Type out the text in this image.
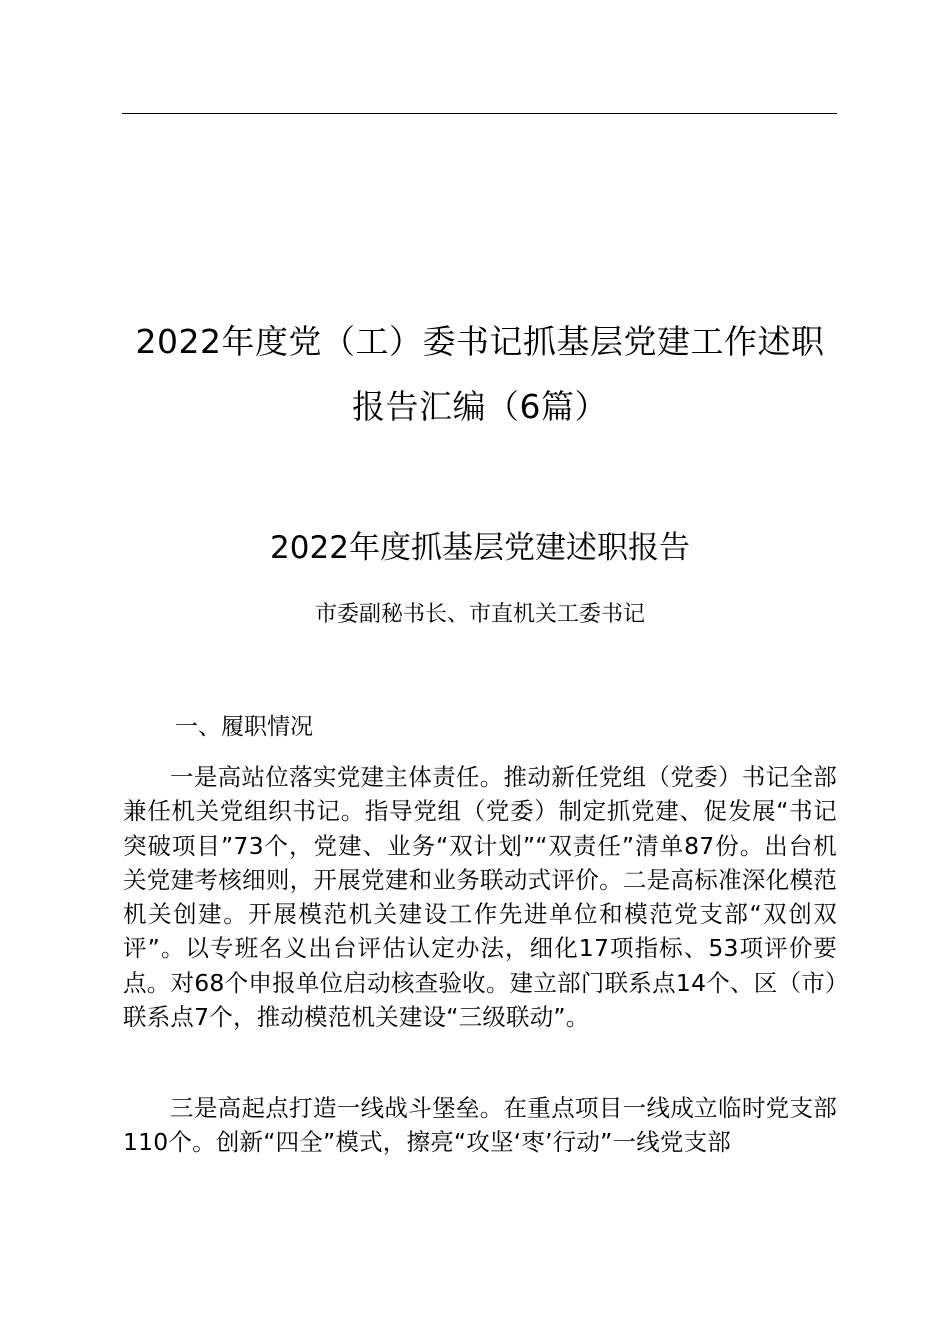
2022年度党（工）委书记抓基层党建工作述职
报告汇编（6篇）
2022年度抓基层党建述职报告
市委副秘书长、市直机关工委书记
一、履职情况

一是高站位落实党建主体责任。推动新任党组（党委）书记全部兼任机关党组织书记。指导党组（党委）制定抓党建、促发展“书记突破项目”73个，党建、业务“双计划”“双责任”清单87份。出台机关党建考核细则，开展党建和业务联动式评价。二是高标准深化模范机关创建。开展模范机关建设工作先进单位和模范党支部“双创双评”。以专班名义出台评估认定办法，细化17项指标、53项评价要点。对68个申报单位启动核查验收。建立部门联系点14个、区（市）联系点7个，推动模范机关建设“三级联动”。

三是高起点打造一线战斗堡垒。在重点项目一线成立临时党支部110个。创新“四全”模式，擦亮“攻坚‘枣’行动”一线党支部
